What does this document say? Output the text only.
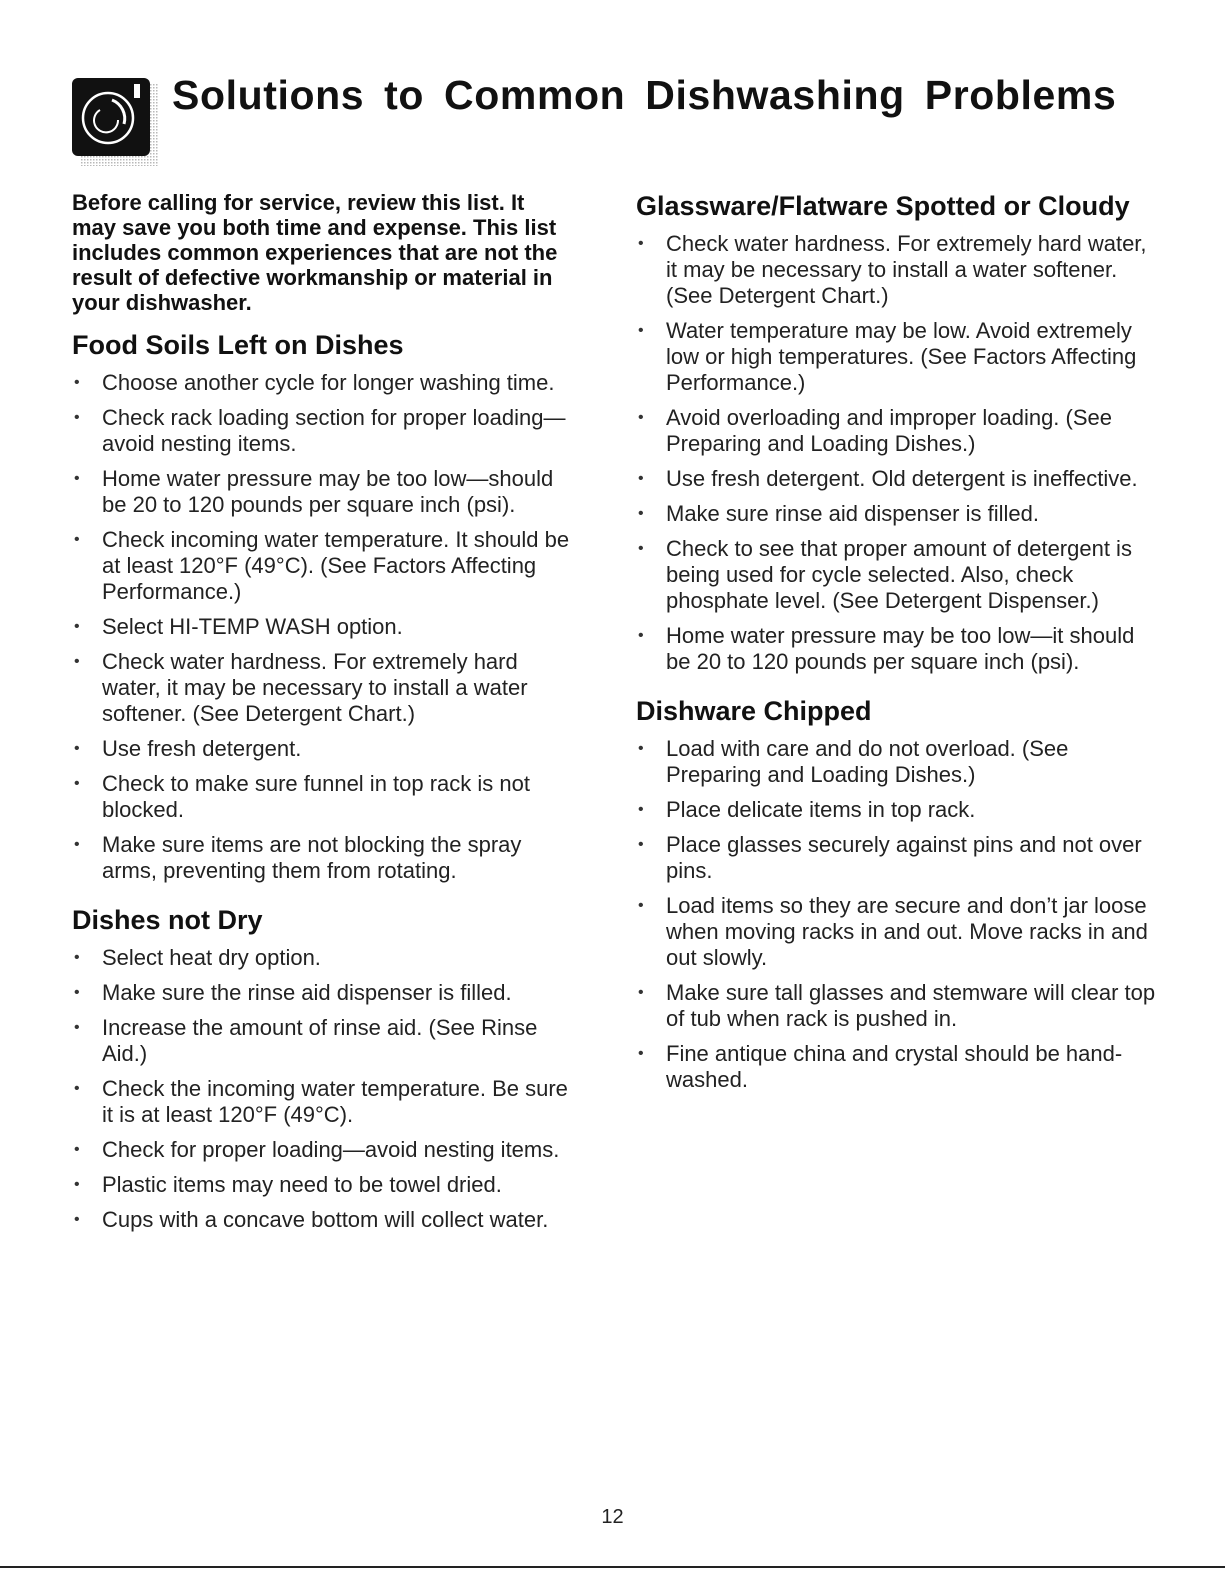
Solutions to Common Dishwashing Problems

Before calling for service, review this list. It may save you both time and expense. This list includes common experiences that are not the result of defective workmanship or material in your dishwasher.

Food Soils Left on Dishes
• Choose another cycle for longer washing time.
• Check rack loading section for proper loading—avoid nesting items.
• Home water pressure may be too low—should be 20 to 120 pounds per square inch (psi).
• Check incoming water temperature. It should be at least 120°F (49°C). (See Factors Affecting Performance.)
• Select HI-TEMP WASH option.
• Check water hardness. For extremely hard water, it may be necessary to install a water softener. (See Detergent Chart.)
• Use fresh detergent.
• Check to make sure funnel in top rack is not blocked.
• Make sure items are not blocking the spray arms, preventing them from rotating.
Dishes not Dry
• Select heat dry option.
• Make sure the rinse aid dispenser is filled.
• Increase the amount of rinse aid. (See Rinse Aid.)
• Check the incoming water temperature. Be sure it is at least 120°F (49°C).
• Check for proper loading—avoid nesting items.
• Plastic items may need to be towel dried.
• Cups with a concave bottom will collect water.
Glassware/Flatware Spotted or Cloudy
• Check water hardness. For extremely hard water, it may be necessary to install a water softener. (See Detergent Chart.)
• Water temperature may be low. Avoid extremely low or high temperatures. (See Factors Affecting Performance.)
• Avoid overloading and improper loading. (See Preparing and Loading Dishes.)
• Use fresh detergent. Old detergent is ineffective.
• Make sure rinse aid dispenser is filled.
• Check to see that proper amount of detergent is being used for cycle selected. Also, check phosphate level. (See Detergent Dispenser.)
• Home water pressure may be too low—it should be 20 to 120 pounds per square inch (psi).
Dishware Chipped
• Load with care and do not overload. (See Preparing and Loading Dishes.)
• Place delicate items in top rack.
• Place glasses securely against pins and not over pins.
• Load items so they are secure and don’t jar loose when moving racks in and out. Move racks in and out slowly.
• Make sure tall glasses and stemware will clear top of tub when rack is pushed in.
• Fine antique china and crystal should be hand-washed.
12
